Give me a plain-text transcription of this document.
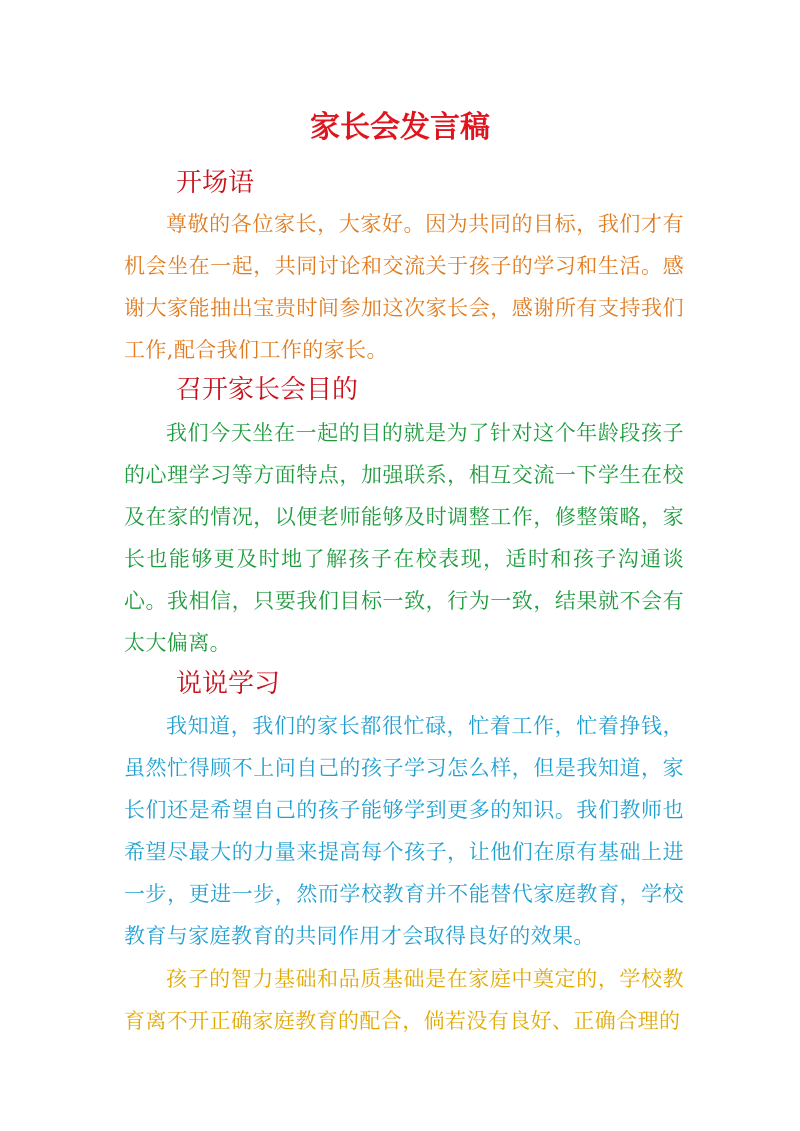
家长会发言稿
开场语

尊敬的各位家长，大家好。因为共同的目标，我们才有机会坐在一起，共同讨论和交流关于孩子的学习和生活。感谢大家能抽出宝贵时间参加这次家长会，感谢所有支持我们工作,配合我们工作的家长。

召开家长会目的

我们今天坐在一起的目的就是为了针对这个年龄段孩子的心理学习等方面特点，加强联系，相互交流一下学生在校及在家的情况，以便老师能够及时调整工作，修整策略，家长也能够更及时地了解孩子在校表现，适时和孩子沟通谈心。我相信，只要我们目标一致，行为一致，结果就不会有太大偏离。

说说学习

我知道，我们的家长都很忙碌，忙着工作，忙着挣钱，虽然忙得顾不上问自己的孩子学习怎么样，但是我知道，家长们还是希望自己的孩子能够学到更多的知识。我们教师也希望尽最大的力量来提高每个孩子，让他们在原有基础上进一步，更进一步，然而学校教育并不能替代家庭教育，学校教育与家庭教育的共同作用才会取得良好的效果。

孩子的智力基础和品质基础是在家庭中奠定的，学校教育离不开正确家庭教育的配合，倘若没有良好、正确合理的
